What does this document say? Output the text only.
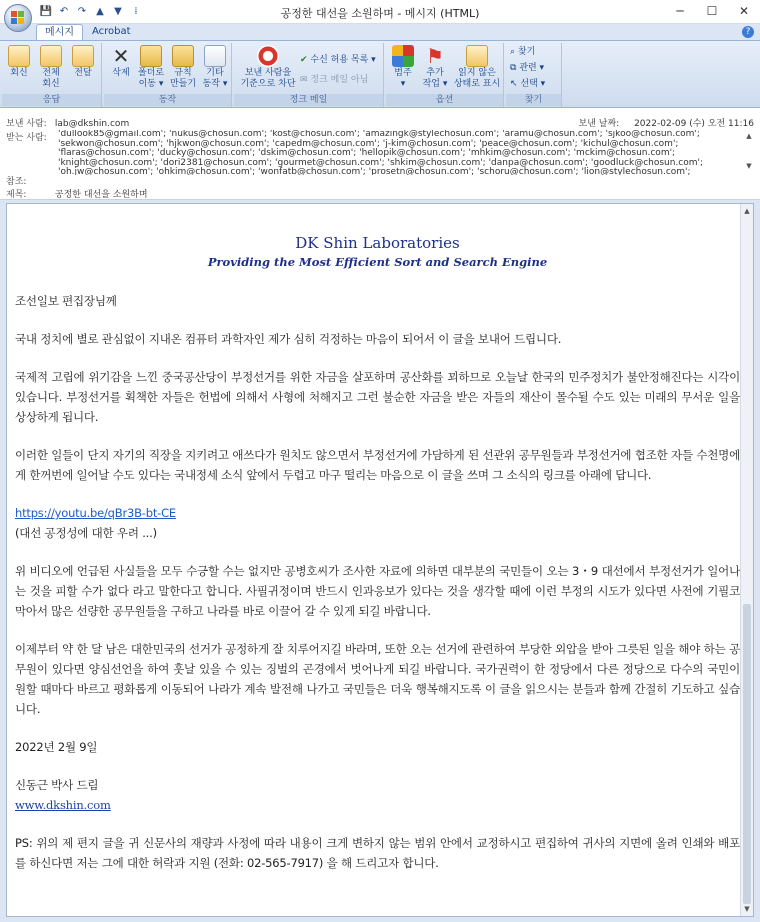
💾 ↶ ↷ ▲	▼	⁞	공정한 대선을 소원하며 - 메시지 (HTML)	─	☐	✕
메시지	Acrobat	?
회신	전체
회신
전달
응답
✕
삭제 폴더로
이동 ▾
규칙
만들기
기타
동작 ▾
동작
보낸 사람을
기준으로 차단
✔ 수신 허용 목록 ▾
✉ 정크 메일 아님
정크 메일
범주
▾
⚑
추가
작업 ▾
읽지 않은
상태로 표시
옵션
⌕ 찾기
⧉ 관련 ▾
↖ 선택 ▾
찾기
보낸 사람: lab@dkshin.com	보낸 날짜: 2022-02-09 (수) 오전 11:16
받는 사람:	'dullook85@gmail.com'; 'nukus@chosun.com'; 'kost@chosun.com'; 'amazingk@stylechosun.com'; 'aramu@chosun.com'; 'sjkoo@chosun.com';
'sekwon@chosun.com'; 'hjkwon@chosun.com'; 'capedm@chosun.com'; 'j-kim@chosun.com'; 'peace@chosun.com'; 'kichul@chosun.com';
'flaras@chosun.com'; 'ducky@chosun.com'; 'dskim@chosun.com'; 'hellopik@chosun.com'; 'mhkim@chosun.com'; 'mckim@chosun.com';
'knight@chosun.com'; 'dori2381@chosun.com'; 'gourmet@chosun.com'; 'shkim@chosun.com'; 'danpa@chosun.com'; 'goodluck@chosun.com';
'oh.jw@chosun.com'; 'ohkim@chosun.com'; 'wonfatb@chosun.com'; 'prosetn@chosun.com'; 'schoru@chosun.com'; 'lion@stylechosun.com';
▲
▼
참조:
제목:	공정한 대선을 소원하며
DK Shin Laboratories
Providing the Most Efficient Sort and Search Engine
조선일보 편집장님께
국내 정치에 별로 관심없이 지내온 컴퓨터 과학자인 제가 심히 걱정하는 마음이 되어서 이 글을 보내어 드립니다.
국제적 고립에 위기감을 느낀 중국공산당이 부정선거를 위한 자금을 살포하며 공산화를 꾀하므로 오늘날 한국의 민주정치가 불안정해진다는 시각이 있습니다. 부정선거를 획책한 자들은 헌법에 의해서 사형에 처해지고 그런 불순한 자금을 받은 자들의 재산이 몰수될 수도 있는 미래의 무서운 일을 상상하게 됩니다.
이러한 일들이 단지 자기의 직장을 지키려고 애쓰다가 원치도 않으면서 부정선거에 가담하게 된 선관위 공무원들과 부정선거에 협조한 자들 수천명에게 한꺼번에 일어날 수도 있다는 국내정세 소식 앞에서 두렵고 마구 떨리는 마음으로 이 글을 쓰며 그 소식의 링크를 아래에 답니다.
https://youtu.be/qBr3B-bt-CE
(대선 공정성에 대한 우려 ...)
위 비디오에 언급된 사실들을 모두 수긍할 수는 없지만 공병호씨가 조사한 자료에 의하면 대부분의 국민들이 오는 3・9 대선에서 부정선거가 일어나는 것을 피할 수가 없다 라고 말한다고 합니다. 사필귀정이며 반드시 인과응보가 있다는 것을 생각할 때에 이런 부정의 시도가 있다면 사전에 기필코 막아서 많은 선량한 공무원들을 구하고 나라를 바로 이끌어 갈 수 있게 되길 바랍니다.
이제부터 약 한 달 남은 대한민국의 선거가 공정하게 잘 치루어지길 바라며, 또한 오는 선거에 관련하여 부당한 외압을 받아 그릇된 일을 해야 하는 공무원이 있다면 양심선언을 하여 훗날 있을 수 있는 징벌의 곤경에서 벗어나게 되길 바랍니다. 국가권력이 한 정당에서 다른 정당으로 다수의 국민이 원할 때마다 바르고 평화롭게 이동되어 나라가 계속 발전해 나가고 국민들은 더욱 행복해지도록 이 글을 읽으시는 분들과 함께 간절히 기도하고 싶습니다.
2022년 2월 9일
신동근 박사 드림
www.dkshin.com
PS: 위의 제 편지 글을 귀 신문사의 재량과 사정에 따라 내용이 크게 변하지 않는 범위 안에서 교정하시고 편집하여 귀사의 지면에 올려 인쇄와 배포를 하신다면 저는 그에 대한 허락과 지원 (전화: 02-565-7917) 을 해 드리고자 합니다.
▲
▼
